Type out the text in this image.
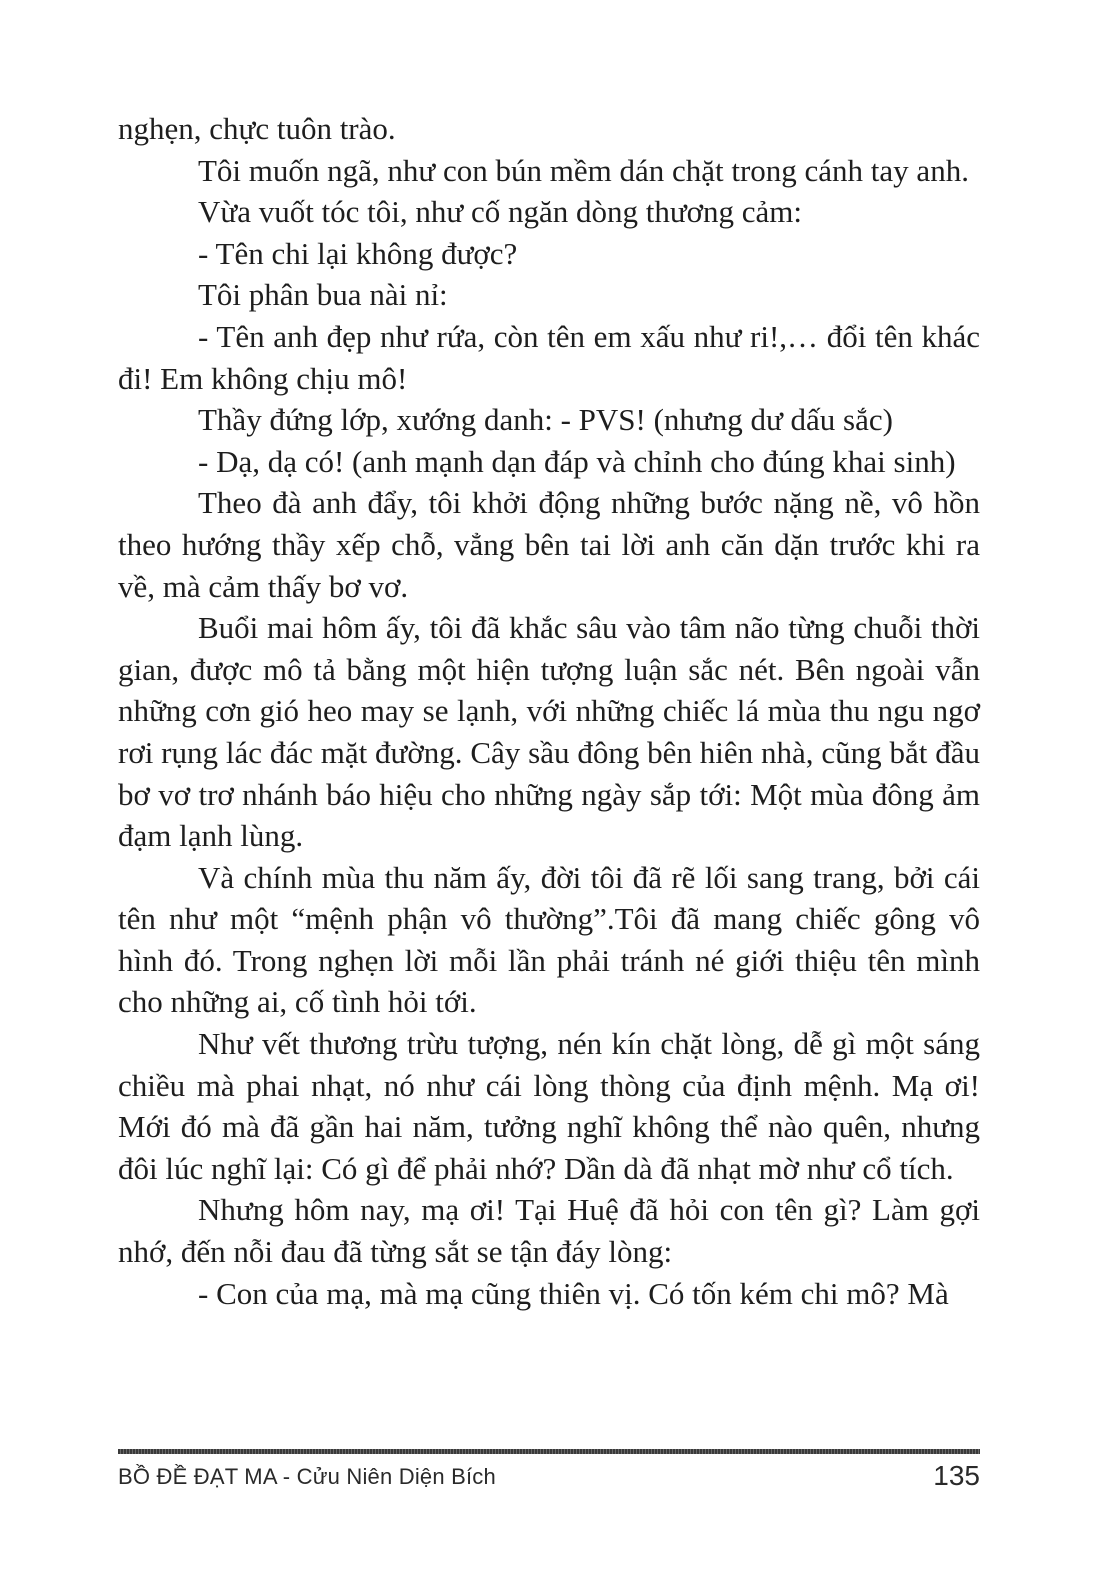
nghẹn, chực tuôn trào.

Tôi muốn ngã, như con bún mềm dán chặt trong cánh tay anh.

Vừa vuốt tóc tôi, như cố ngăn dòng thương cảm:

- Tên chi lại không được?

Tôi phân bua nài nỉ:

- Tên anh đẹp như rứa, còn tên em xấu như ri!,… đổi tên khác đi! Em không chịu mô!

Thầy đứng lớp, xướng danh: - PVS! (nhưng dư dấu sắc)

- Dạ, dạ có! (anh mạnh dạn đáp và chỉnh cho đúng khai sinh)

Theo đà anh đẩy, tôi khởi động những bước nặng nề, vô hồn theo hướng thầy xếp chỗ, vẳng bên tai lời anh căn dặn trước khi ra về, mà cảm thấy bơ vơ.

Buổi mai hôm ấy, tôi đã khắc sâu vào tâm não từng chuỗi thời gian, được mô tả bằng một hiện tượng luận sắc nét. Bên ngoài vẫn những cơn gió heo may se lạnh, với những chiếc lá mùa thu ngu ngơ rơi rụng lác đác mặt đường. Cây sầu đông bên hiên nhà, cũng bắt đầu bơ vơ trơ nhánh báo hiệu cho những ngày sắp tới: Một mùa đông ảm đạm lạnh lùng.

Và chính mùa thu năm ấy, đời tôi đã rẽ lối sang trang, bởi cái tên như một “mệnh phận vô thường”.Tôi đã mang chiếc gông vô hình đó. Trong nghẹn lời mỗi lần phải tránh né giới thiệu tên mình cho những ai, cố tình hỏi tới.

Như vết thương trừu tượng, nén kín chặt lòng, dễ gì một sáng chiều mà phai nhạt, nó như cái lòng thòng của định mệnh. Mạ ơi! Mới đó mà đã gần hai năm, tưởng nghĩ không thể nào quên, nhưng đôi lúc nghĩ lại: Có gì để phải nhớ? Dần dà đã nhạt mờ như cổ tích.

Nhưng hôm nay, mạ ơi! Tại Huệ đã hỏi con tên gì? Làm gợi nhớ, đến nỗi đau đã từng sắt se tận đáy lòng:

- Con của mạ, mà mạ cũng thiên vị. Có tốn kém chi mô? Mà

BỒ ĐỀ ĐẠT MA - Cửu Niên Diện Bích	135
